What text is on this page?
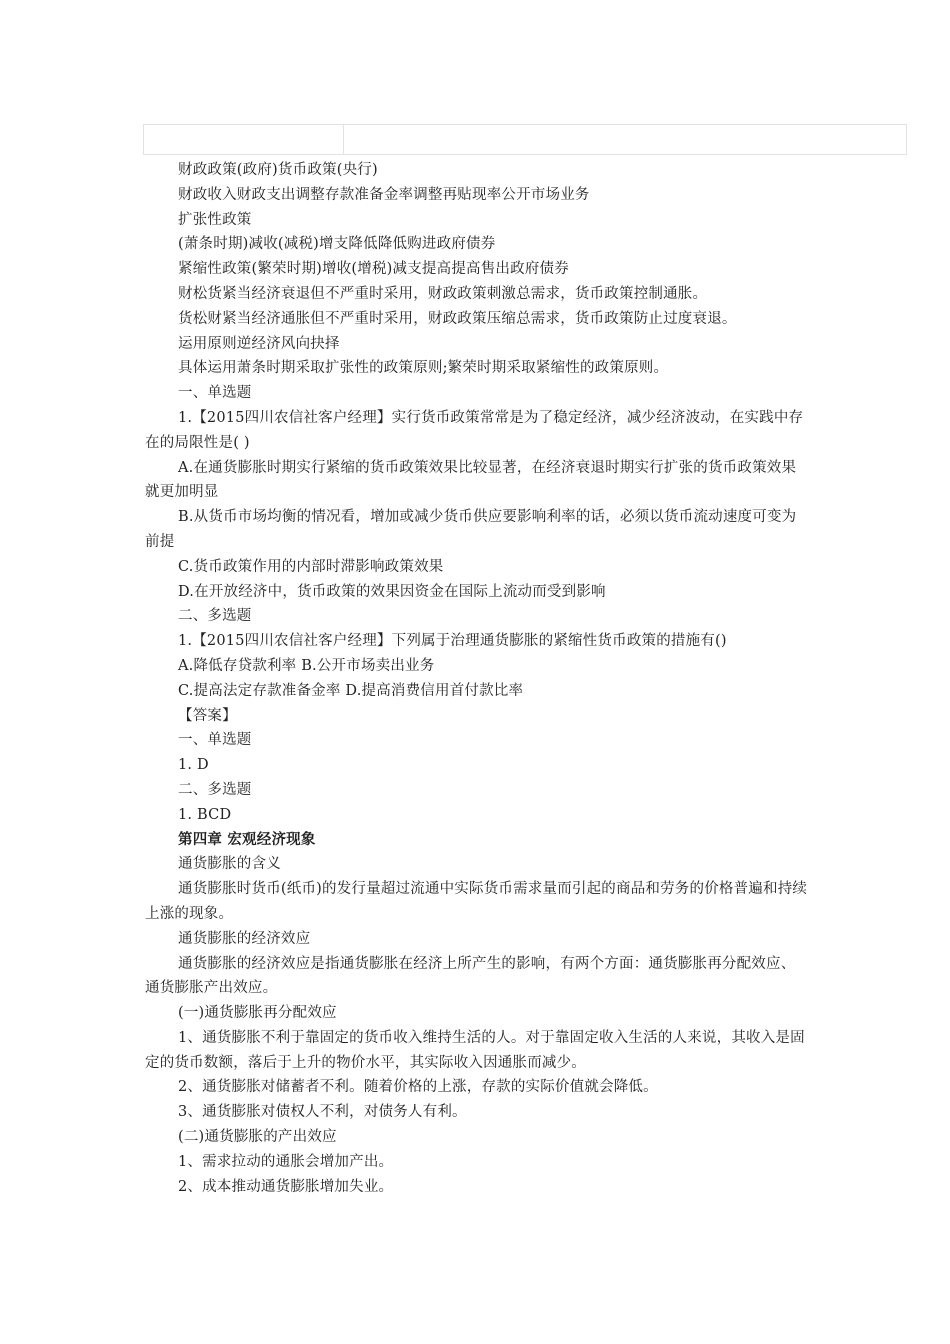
财政政策(政府)货币政策(央行)

财政收入财政支出调整存款准备金率调整再贴现率公开市场业务

扩张性政策

(萧条时期)减收(减税)增支降低降低购进政府债券

紧缩性政策(繁荣时期)增收(增税)减支提高提高售出政府债券

财松货紧当经济衰退但不严重时采用，财政政策刺激总需求，货币政策控制通胀。

货松财紧当经济通胀但不严重时采用，财政政策压缩总需求，货币政策防止过度衰退。

运用原则逆经济风向抉择

具体运用萧条时期采取扩张性的政策原则;繁荣时期采取紧缩性的政策原则。

一、单选题

1.【2015四川农信社客户经理】实行货币政策常常是为了稳定经济，减少经济波动，在实践中存在的局限性是( )

A.在通货膨胀时期实行紧缩的货币政策效果比较显著，在经济衰退时期实行扩张的货币政策效果就更加明显

B.从货币市场均衡的情况看，增加或减少货币供应要影响利率的话，必须以货币流动速度可变为前提

C.货币政策作用的内部时滞影响政策效果

D.在开放经济中，货币政策的效果因资金在国际上流动而受到影响

二、多选题

1.【2015四川农信社客户经理】下列属于治理通货膨胀的紧缩性货币政策的措施有()

A.降低存贷款利率 B.公开市场卖出业务

C.提高法定存款准备金率 D.提高消费信用首付款比率

【答案】

一、单选题

1. D

二、多选题

1. BCD

第四章 宏观经济现象

通货膨胀的含义

通货膨胀时货币(纸币)的发行量超过流通中实际货币需求量而引起的商品和劳务的价格普遍和持续上涨的现象。

通货膨胀的经济效应

通货膨胀的经济效应是指通货膨胀在经济上所产生的影响，有两个方面：通货膨胀再分配效应、 通货膨胀产出效应。

(一)通货膨胀再分配效应

1、通货膨胀不利于靠固定的货币收入维持生活的人。对于靠固定收入生活的人来说，其收入是固定的货币数额，落后于上升的物价水平，其实际收入因通胀而减少。

2、通货膨胀对储蓄者不利。随着价格的上涨，存款的实际价值就会降低。

3、通货膨胀对债权人不利，对债务人有利。

(二)通货膨胀的产出效应

1、需求拉动的通胀会增加产出。

2、成本推动通货膨胀增加失业。
